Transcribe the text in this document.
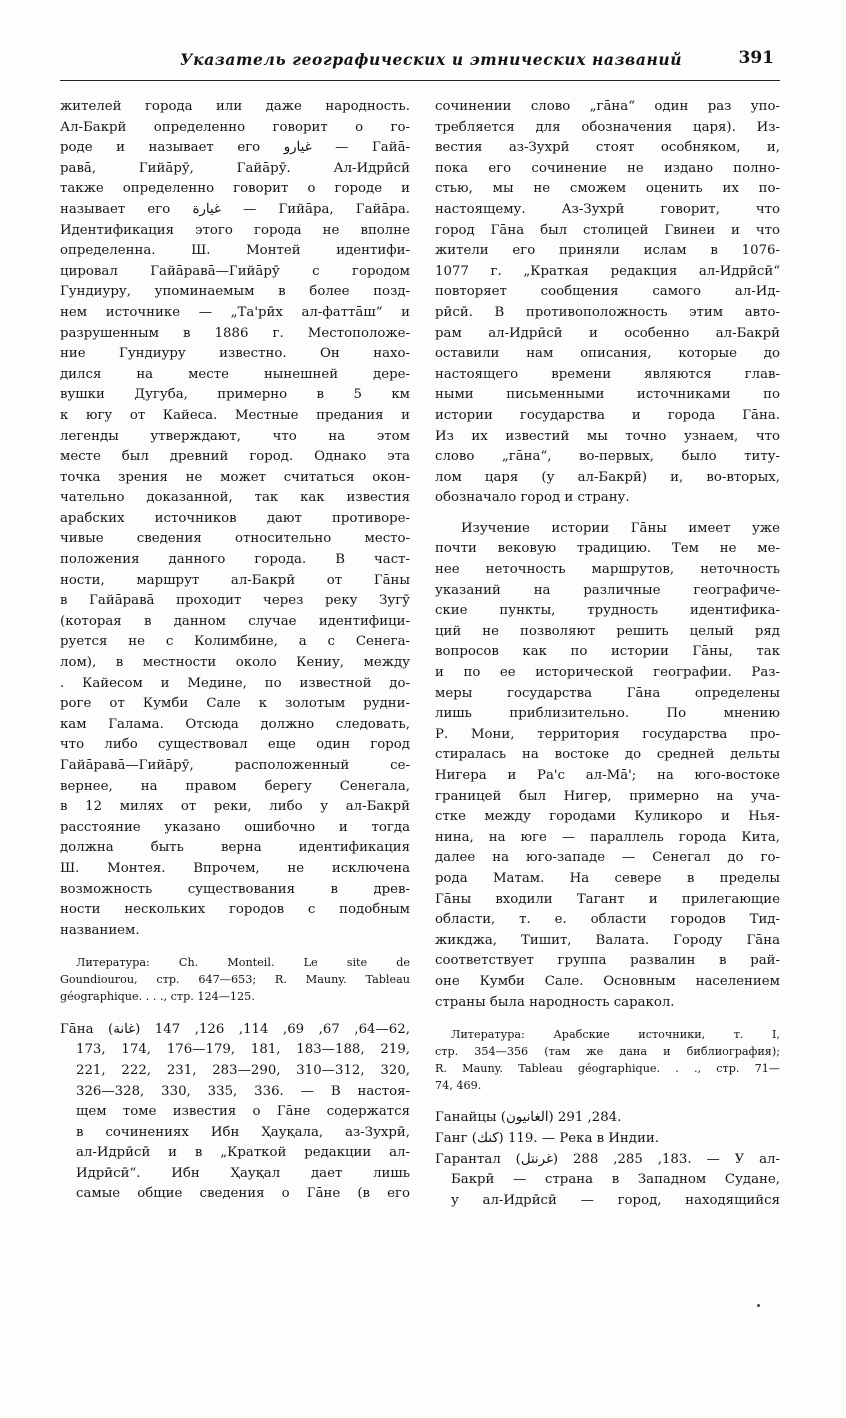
Указатель географических и этнических названий	391
жителей города или даже народность.
Ал-Бакрй определенно говорит о го-
роде и называет его ﻏﻴﺎﺭﻭ — Гайа̄-
рава̄, Гийа̄рӯ, Гайа̄рӯ. Ал-Идрӣсӣ
также определенно говорит о городе и
называет его ﻏﻴﺎﺭﺓ — Гийа̄ра, Гайа̄ра.
Идентификация этого города не вполне
определенна. Ш. Монтей идентифи-
цировал Гайа̄рава̄—Гийа̄рӯ с городом
Гундиуру, упоминаемым в более позд-
нем источнике — „Та'рӣх ал-фатта̄ш“ и
разрушенным в 1886 г. Местоположе-
ние Гундиуру известно. Он нахо-
дился на месте нынешней дере-
вушки Дугуба, примерно в 5 км
к югу от Кайеса. Местные предания и
легенды утверждают, что на этом
месте был древний город. Однако эта
точка зрения не может считаться окон-
чательно доказанной, так как известия
арабских источников дают противоре-
чивые сведения относительно место-
положения данного города. В част-
ности, маршрут ал-Бакрӣ от Га̄ны
в Гайа̄рава̄ проходит через реку Зугӯ
(которая в данном случае идентифици-
руется не с Колимбине, а с Сенега-
лом), в местности около Кениу, между
. Кайесом и Медине, по известной до-
роге от Кумби Сале к золотым рудни-
кам Галама. Отсюда должно следовать,
что либо существовал еще один город
Гайа̄рава̄—Гийа̄рӯ, расположенный се-
вернее, на правом берегу Сенегала,
в 12 милях от реки, либо у ал-Бакрӣ
расстояние указано ошибочно и тогда
должна быть верна идентификация
Ш. Монтея. Впрочем, не исключена
возможность существования в древ-
ности нескольких городов с подобным
названием.
Литература: Ch. Monteil. Le site de
Goundiourou, стр. 647—653; R. Mauny. Tableau
géographique. . . ., стр. 124—125.
Га̄на (ﻏﺎﻧﺔ) 62—64, 67, 69, 114, 126, 147,
173, 174, 176—179, 181, 183—188, 219,
221, 222, 231, 283—290, 310—312, 320,
326—328, 330, 335, 336. — В настоя-
щем томе известия о Га̄не содержатся
в сочинениях Ибн Ҳауқала, аз-Зухрӣ,
ал-Идрӣсӣ и в „Краткой редакции ал-
Идрӣсӣ“. Ибн Ҳауқал дает лишь
самые общие сведения о Га̄не (в его
сочинении слово „га̄на“ один раз упо-
требляется для обозначения царя). Из-
вестия аз-Зухрӣ стоят особняком, и,
пока его сочинение не издано полно-
стью, мы не сможем оценить их по-
настоящему. Аз-Зухрӣ говорит, что
город Га̄на был столицей Гвинеи и что
жители его приняли ислам в 1076-
1077 г. „Краткая редакция ал-Идрӣсӣ“
повторяет сообщения самого ал-Ид-
рӣсӣ. В противоположность этим авто-
рам ал-Идрӣсӣ и особенно ал-Бакрӣ
оставили нам описания, которые до
настоящего времени являются глав-
ными письменными источниками по
истории государства и города Га̄на.
Из их известий мы точно узнаем, что
слово „га̄на“, во-первых, было титу-
лом царя (у ал-Бакрӣ) и, во-вторых,
обозначало город и страну.
Изучение истории Га̄ны имеет уже
почти вековую традицию. Тем не ме-
нее неточность маршрутов, неточность
указаний на различные географиче-
ские пункты, трудность идентифика-
ций не позволяют решить целый ряд
вопросов как по истории Га̄ны, так
и по ее исторической географии. Раз-
меры государства Га̄на определены
лишь приблизительно. По мнению
Р. Мони, территория государства про-
стиралась на востоке до средней дельты
Нигера и Ра'с ал-Ма̄'; на юго-востоке
границей был Нигер, примерно на уча-
стке между городами Куликоро и Нья-
нина, на юге — параллель города Кита,
далее на юго-западе — Сенегал до го-
рода Матам. На севере в пределы
Га̄ны входили Тагант и прилегающие
области, т. е. области городов Тид-
жикджа, Тишит, Валата. Городу Га̄на
соответствует группа развалин в рай-
оне Кумби Сале. Основным населением
страны была народность саракол.
Литература: Арабские источники, т. I,
стр. 354—356 (там же дана и библиография);
R. Mauny. Tableau géographique. . ., стр. 71—
74, 469.
Ганайцы (ﺍﻟﻐﺎﻧﻴﻮﻥ) 284, 291.
Ганг (ﻛﻨﻚ) 119. — Река в Индии.
Гарантал (ﻏﺮﻧﺘﻞ) 183, 285, 288. — У ал-
Бакрӣ — страна в Западном Судане,
у ал-Идрӣсӣ — город, находящийся
